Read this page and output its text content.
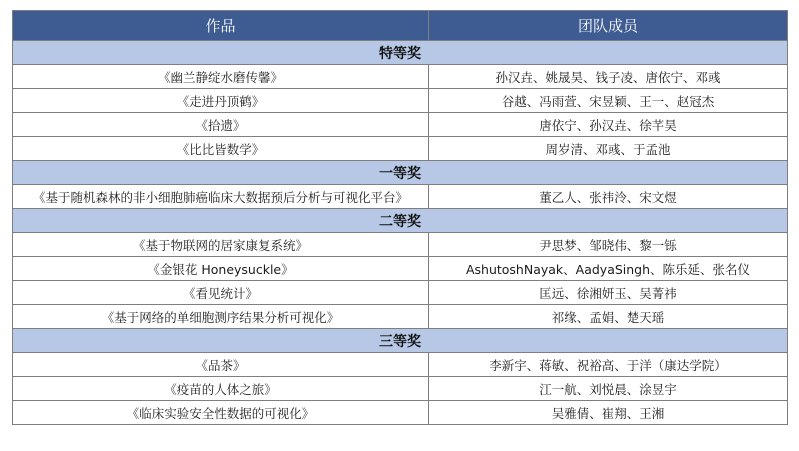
作品	团队成员
特等奖	
《幽兰静绽水磨传馨》	孙汉垚、姚晟昊、钱子凌、唐依宁、邓彧
《走进丹顶鹤》	谷越、冯雨萱、宋昱颖、王一、赵冠杰
《拾遗》	唐依宁、孙汉垚、徐芊昊
《比比皆数学》	周岁清、邓彧、于孟池
一等奖	
《基于随机森林的非小细胞肺癌临床大数据预后分析与可视化平台》	董乙人、张祎泠、宋文煜
二等奖	
《基于物联网的居家康复系统》	尹思梦、邹晓伟、黎一铄
《金银花 Honeysuckle》	AshutoshNayak、AadyaSingh、陈乐延、张名仪
《看见统计》	匡远、徐湘妍玉、吴菁祎
《基于网络的单细胞测序结果分析可视化》	祁缘、孟娟、楚天瑶
三等奖	
《品茶》	李新宇、蒋敏、祝裕高、于洋（康达学院）
《疫苗的人体之旅》	江一航、刘悦晨、涂昱宇
《临床实验安全性数据的可视化》	吴雅倩、崔翔、王湘
